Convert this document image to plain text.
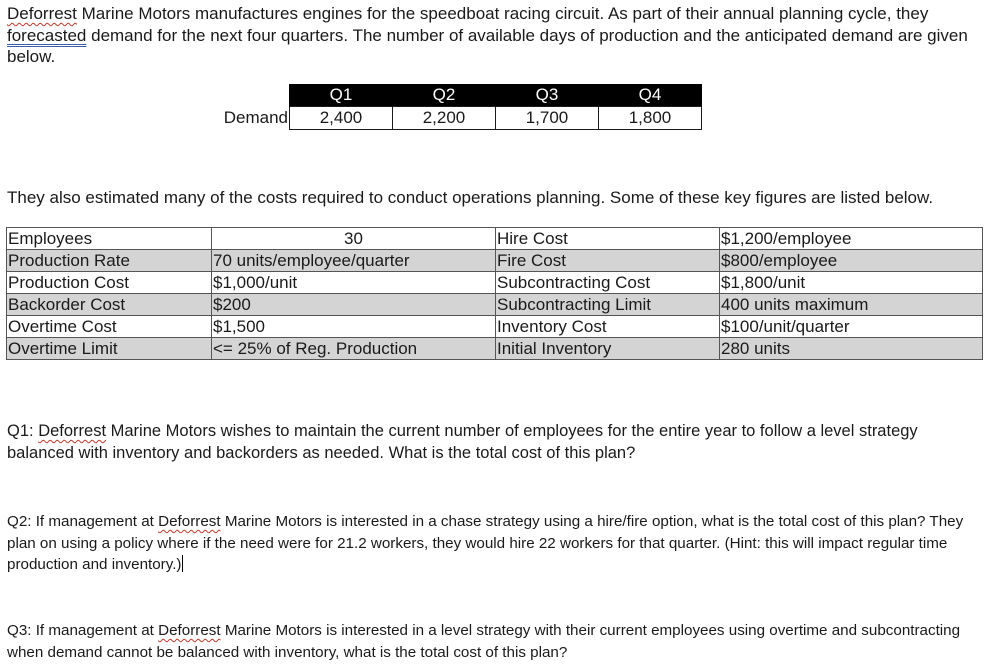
Deforrest Marine Motors manufactures engines for the speedboat racing circuit. As part of their annual planning cycle, they forecasted demand for the next four quarters. The number of available days of production and the anticipated demand are given below.

	Q1	Q2	Q3	Q4
Demand	2,400	2,200	1,700	1,800

They also estimated many of the costs required to conduct operations planning. Some of these key figures are listed below.

Employees	30	Hire Cost	$1,200/employee
Production Rate	70 units/employee/quarter	Fire Cost	$800/employee
Production Cost	$1,000/unit	Subcontracting Cost	$1,800/unit
Backorder Cost	$200	Subcontracting Limit	400 units maximum
Overtime Cost	$1,500	Inventory Cost	$100/unit/quarter
Overtime Limit	<= 25% of Reg. Production	Initial Inventory	280 units

Q1: Deforrest Marine Motors wishes to maintain the current number of employees for the entire year to follow a level strategy balanced with inventory and backorders as needed. What is the total cost of this plan?

Q2: If management at Deforrest Marine Motors is interested in a chase strategy using a hire/fire option, what is the total cost of this plan? They plan on using a policy where if the need were for 21.2 workers, they would hire 22 workers for that quarter. (Hint: this will impact regular time production and inventory.)

Q3: If management at Deforrest Marine Motors is interested in a level strategy with their current employees using overtime and subcontracting when demand cannot be balanced with inventory, what is the total cost of this plan?
